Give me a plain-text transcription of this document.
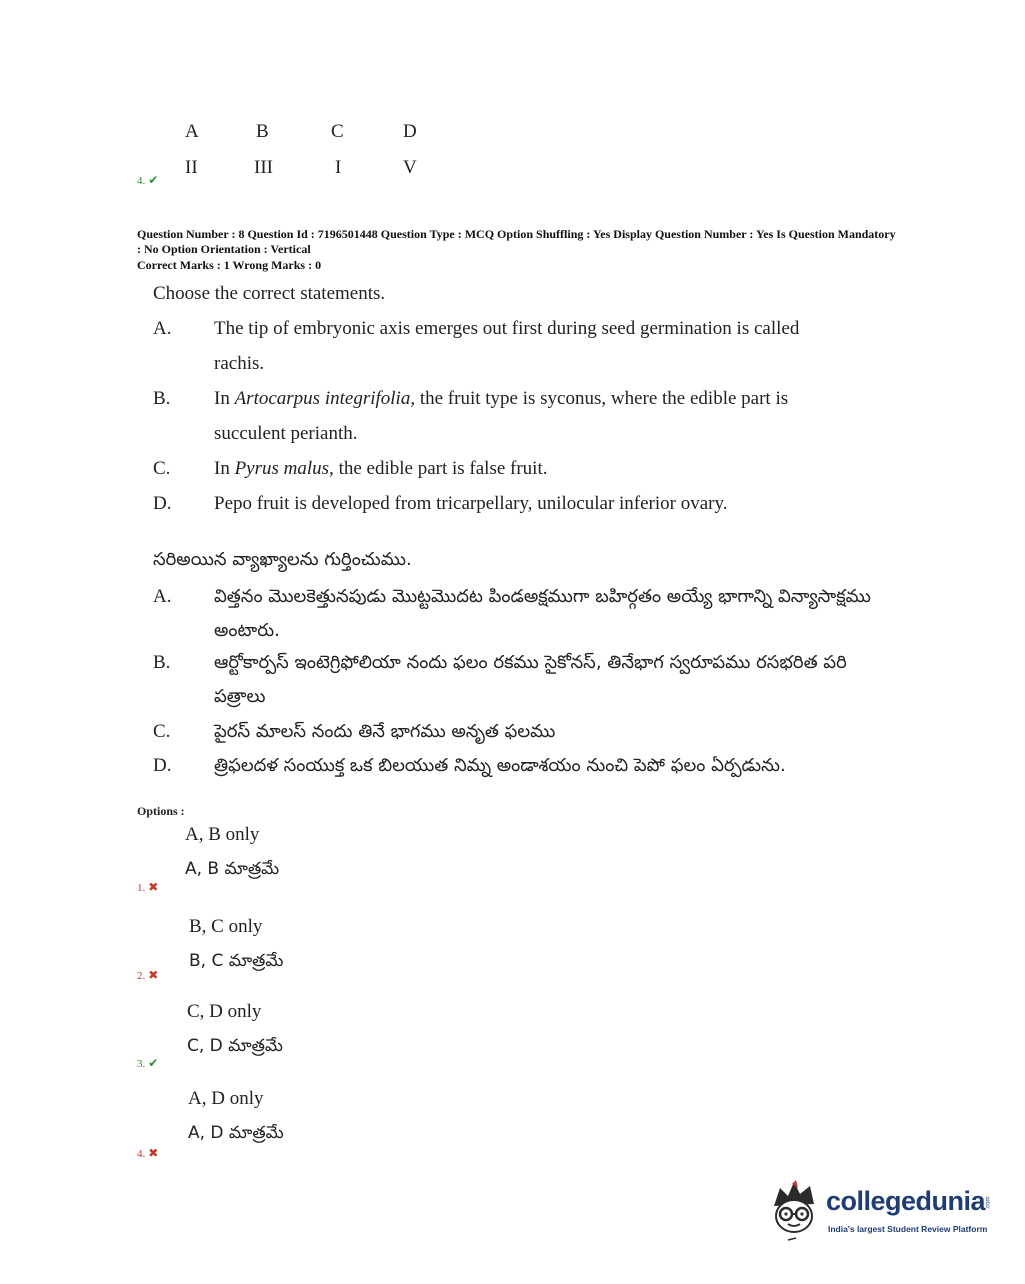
A	B	C	D
II	III	I	V
4. ✔
Question Number : 8 Question Id : 7196501448 Question Type : MCQ Option Shuffling : Yes Display Question Number : Yes Is Question Mandatory : No Option Orientation : Vertical
Correct Marks : 1 Wrong Marks : 0
Choose the correct statements.
A. The tip of embryonic axis emerges out first during seed germination is called rachis.
B. In Artocarpus integrifolia, the fruit type is syconus, where the edible part is succulent perianth.
C. In Pyrus malus, the edible part is false fruit.
D. Pepo fruit is developed from tricarpellary, unilocular inferior ovary.
సరిఅయిన వ్యాఖ్యాలను గుర్తించుము.
A. విత్తనం మొలకెత్తునపుడు మొట్టమొదట పిండఅక్షముగా బహిర్గతం అయ్యే భాగాన్ని విన్యాసాక్షము అంటారు.
B. ఆర్టోకార్పస్ ఇంటెగ్రిఫోలియా నందు ఫలం రకము సైకోనస్, తినేభాగ స్వరూపము రసభరిత పరి పత్రాలు
C. పైరస్ మాలస్ నందు తినే భాగము అనృత ఫలము
D. త్రిఫలదళ సంయుక్త ఒక బిలయుత నిమ్న అండాశయం నుంచి పెపో ఫలం ఏర్పడును.
Options :
A, B only
A, B మాత్రమే
1. ✖
B, C only
B, C మాత్రమే
2. ✖
C, D only
C, D మాత్రమే
3. ✔
A, D only
A, D మాత్రమే
4. ✖
collegedunia .com
India's largest Student Review Platform
